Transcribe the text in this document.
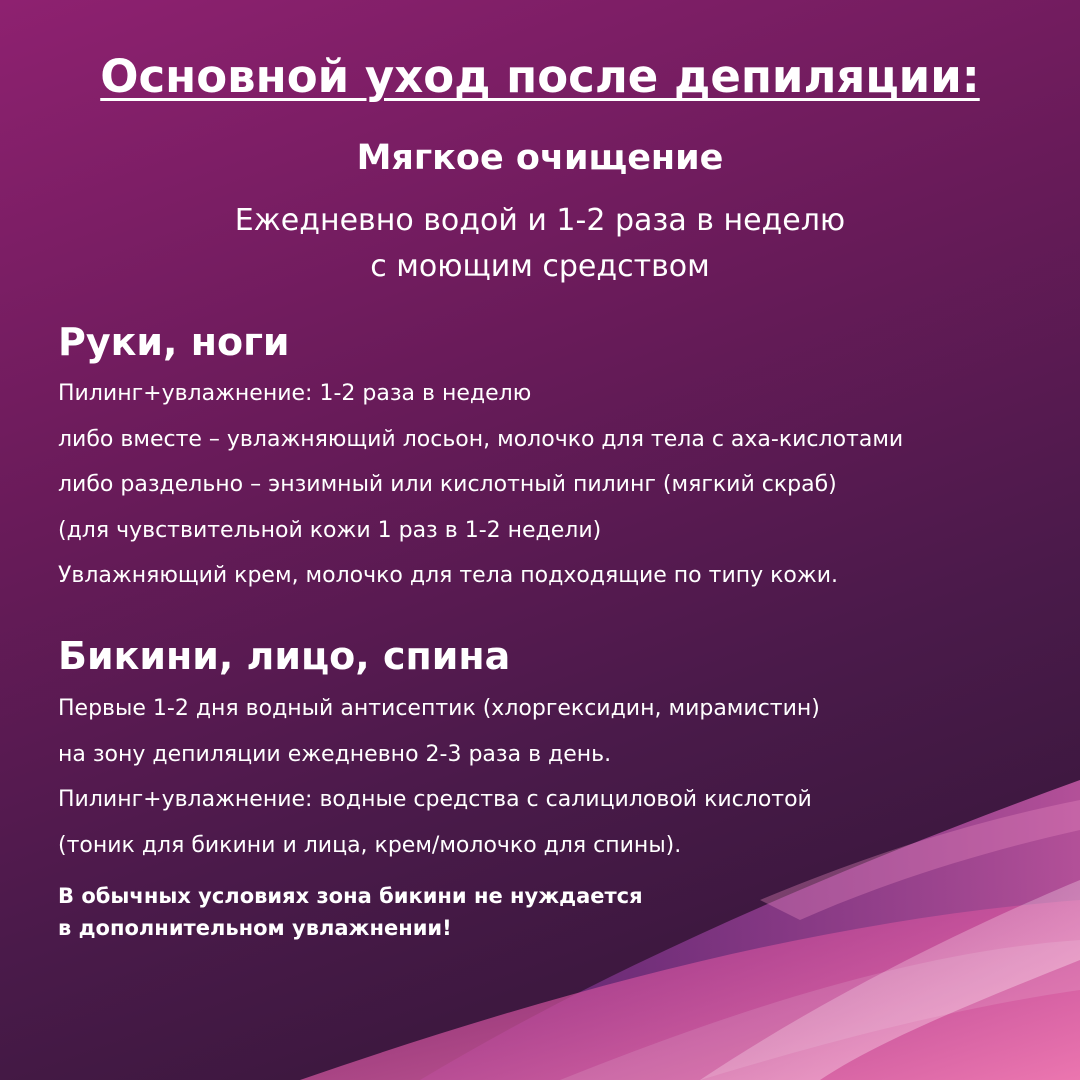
Основной уход после депиляции:
Мягкое очищение
Ежедневно водой и 1-2 раза в неделю
с моющим средством
Руки, ноги
Пилинг+увлажнение: 1-2 раза в неделю
либо вместе – увлажняющий лосьон, молочко для тела с аха-кислотами
либо раздельно – энзимный или кислотный пилинг (мягкий скраб)
(для чувствительной кожи 1 раз в 1-2 недели)
Увлажняющий крем, молочко для тела подходящие по типу кожи.
Бикини, лицо, спина
Первые 1-2 дня водный антисептик (хлоргексидин, мирамистин)
на зону депиляции ежедневно 2-3 раза в день.
Пилинг+увлажнение: водные средства с салициловой кислотой
(тоник для бикини и лица, крем/молочко для спины).
В обычных условиях зона бикини не нуждается
в дополнительном увлажнении!
